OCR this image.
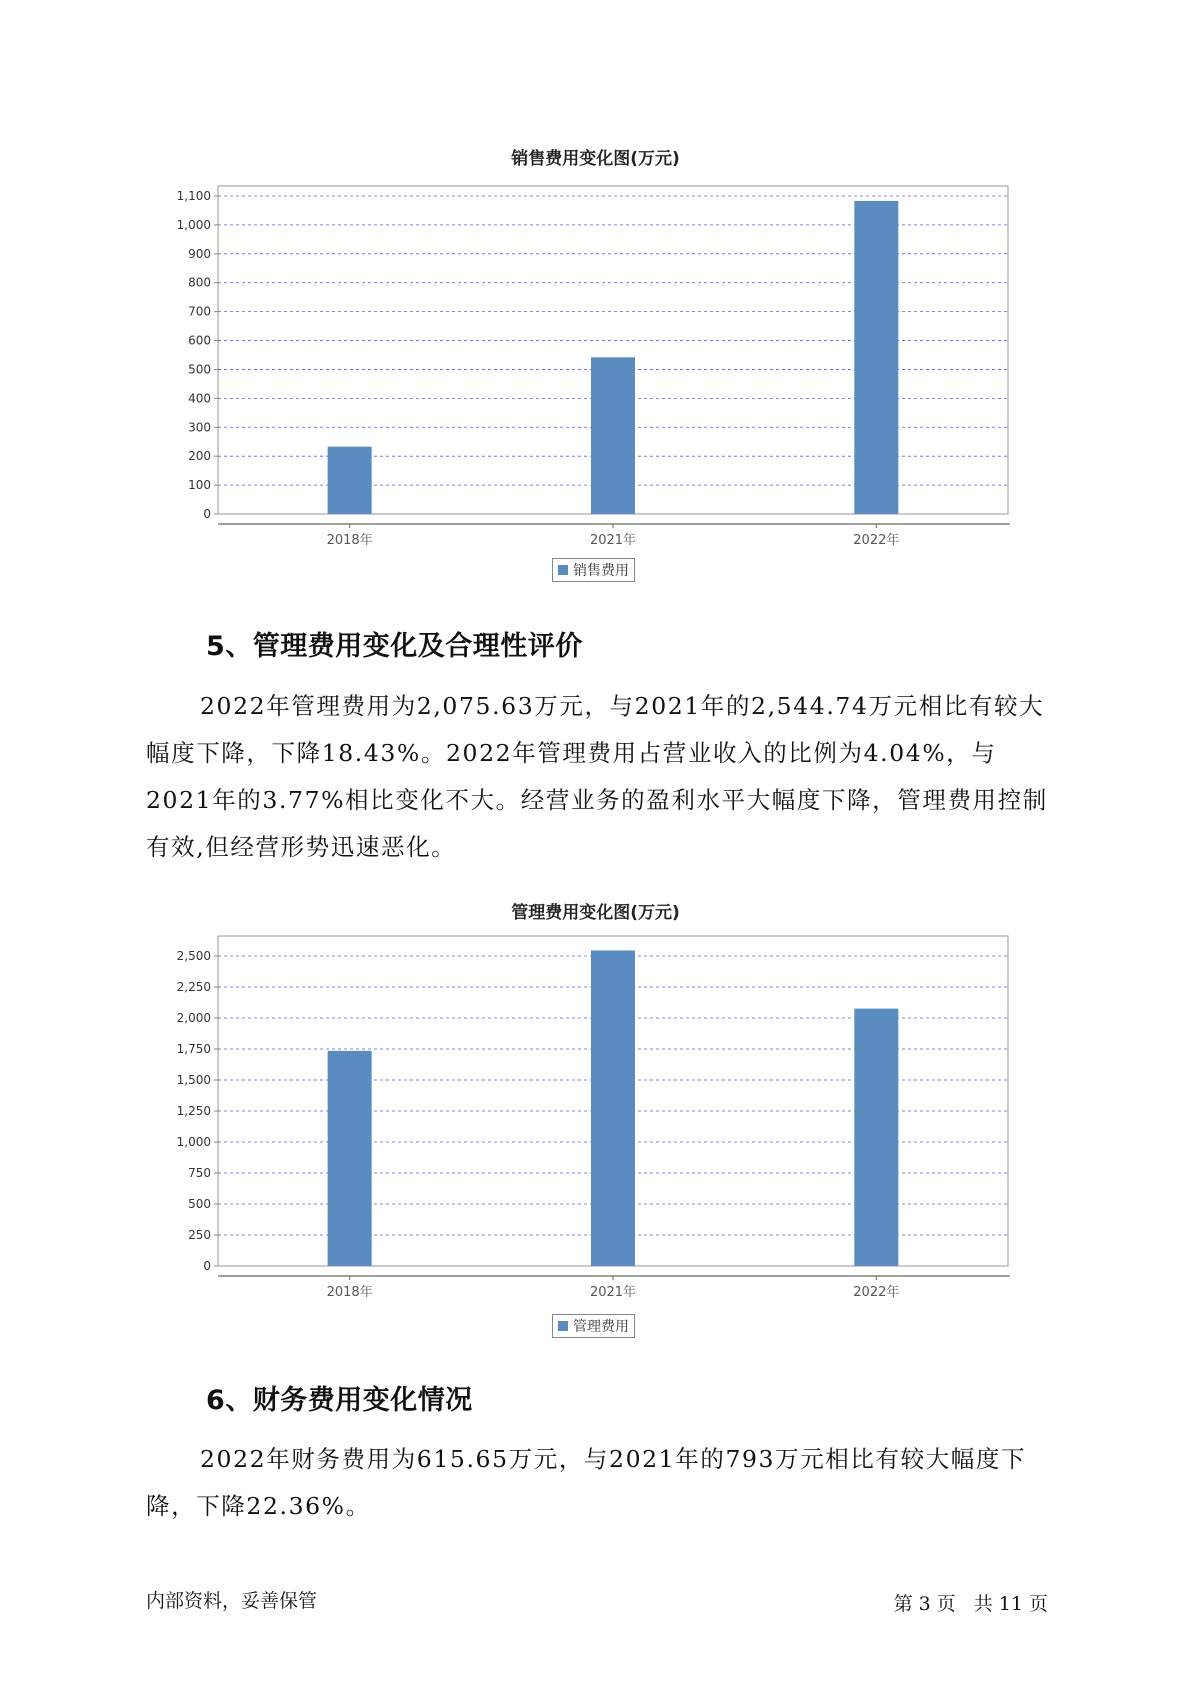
销售费用变化图(万元)
0
100
200
300
400
500
600
700
800
900
1,000
1,100
2018年	2021年	2022年
销售费用
5、管理费用变化及合理性评价
2022年管理费用为2,075.63万元，与2021年的2,544.74万元相比有较大幅度下降，下降18.43%。2022年管理费用占营业收入的比例为4.04%，与2021年的3.77%相比变化不大。经营业务的盈利水平大幅度下降，管理费用控制有效,但经营形势迅速恶化。
管理费用变化图(万元)
0
250
500
750
1,000
1,250
1,500
1,750
2,000
2,250
2,500
2018年	2021年	2022年
管理费用
6、财务费用变化情况
2022年财务费用为615.65万元，与2021年的793万元相比有较大幅度下降，下降22.36%。
内部资料，妥善保管	第 3 页 共 11 页
